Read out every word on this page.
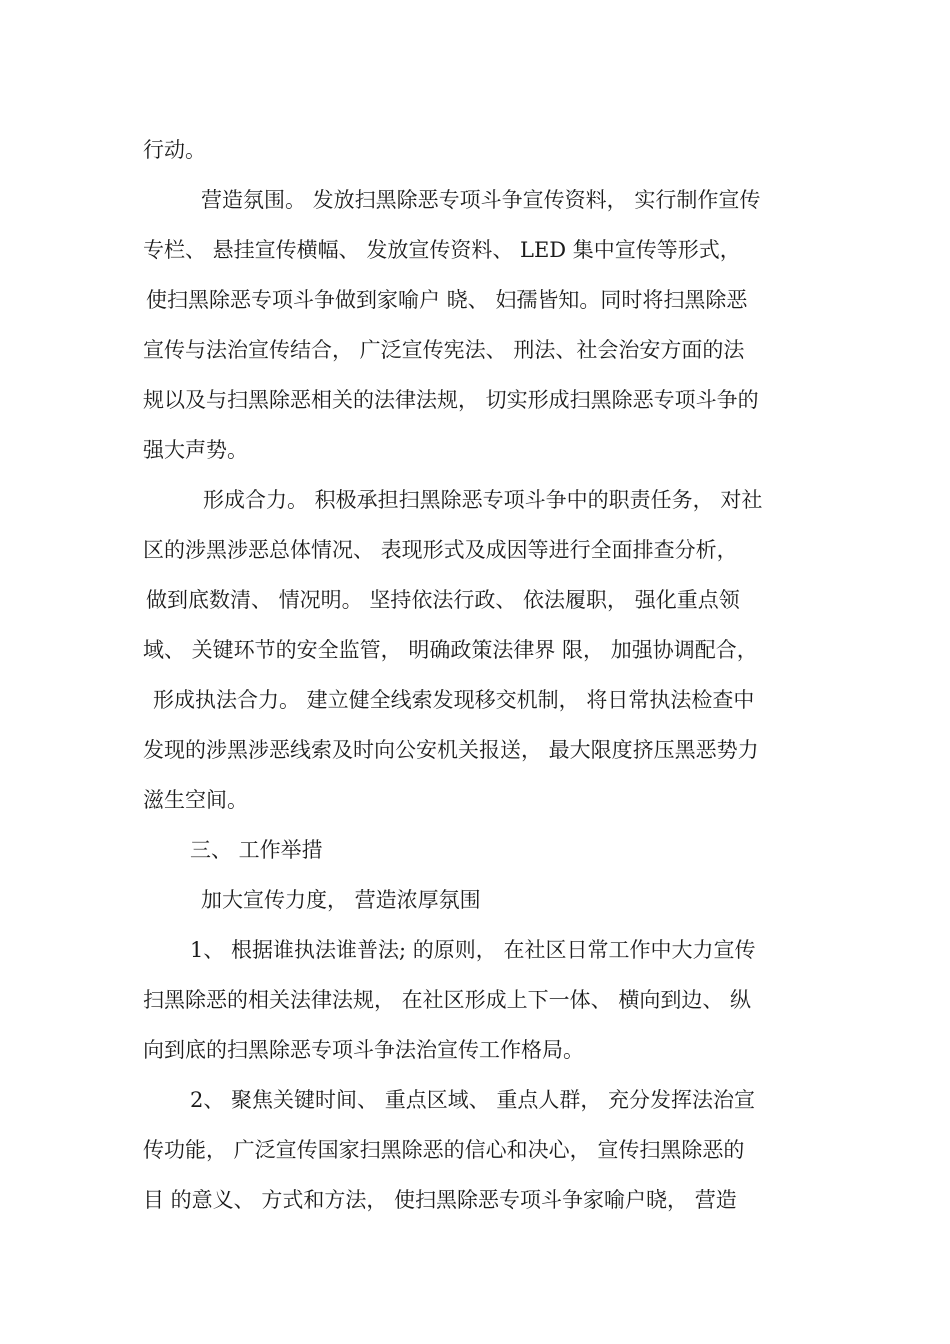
行动。
营造氛围。 发放扫黑除恶专项斗争宣传资料， 实行制作宣传
专栏、 悬挂宣传横幅、 发放宣传资料、 LED 集中宣传等形式，
使扫黑除恶专项斗争做到家喻户 晓、 妇孺皆知。同时将扫黑除恶
宣传与法治宣传结合， 广泛宣传宪法、 刑法、社会治安方面的法
规以及与扫黑除恶相关的法律法规， 切实形成扫黑除恶专项斗争的
强大声势。
形成合力。 积极承担扫黑除恶专项斗争中的职责任务， 对社
区的涉黑涉恶总体情况、 表现形式及成因等进行全面排查分析，
做到底数清、 情况明。 坚持依法行政、 依法履职， 强化重点领
域、 关键环节的安全监管， 明确政策法律界 限， 加强协调配合，
形成执法合力。 建立健全线索发现移交机制， 将日常执法检查中
发现的涉黑涉恶线索及时向公安机关报送， 最大限度挤压黑恶势力
滋生空间。
三、 工作举措
加大宣传力度， 营造浓厚氛围
1、 根据谁执法谁普法; 的原则， 在社区日常工作中大力宣传
扫黑除恶的相关法律法规， 在社区形成上下一体、 横向到边、 纵
向到底的扫黑除恶专项斗争法治宣传工作格局。
2、 聚焦关键时间、 重点区域、 重点人群， 充分发挥法治宣
传功能， 广泛宣传国家扫黑除恶的信心和决心， 宣传扫黑除恶的
目 的意义、 方式和方法， 使扫黑除恶专项斗争家喻户晓， 营造
